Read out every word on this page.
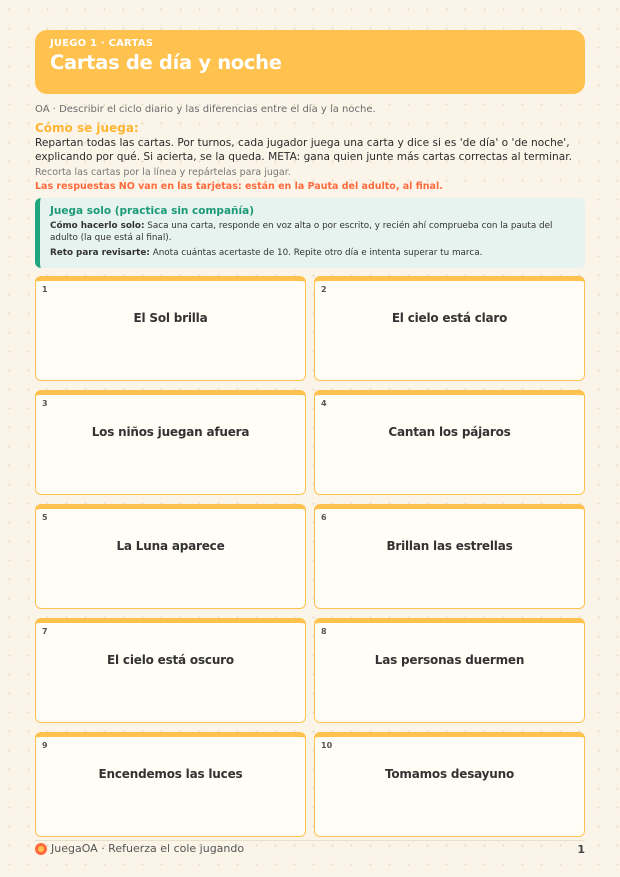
JUEGO 1 · CARTAS
Cartas de día y noche
OA · Describir el ciclo diario y las diferencias entre el día y la noche.
Cómo se juega:
Repartan todas las cartas. Por turnos, cada jugador juega una carta y dice si es 'de día' o 'de noche', explicando por qué. Si acierta, se la queda. META: gana quien junte más cartas correctas al terminar.
Recorta las cartas por la línea y repártelas para jugar.
Las respuestas NO van en las tarjetas: están en la Pauta del adulto, al final.
Juega solo (practica sin compañía)
Cómo hacerlo solo: Saca una carta, responde en voz alta o por escrito, y recién ahí comprueba con la pauta del adulto (la que está al final).
Reto para revisarte: Anota cuántas acertaste de 10. Repite otro día e intenta superar tu marca.
1
El Sol brilla
2
El cielo está claro
3
Los niños juegan afuera
4
Cantan los pájaros
5
La Luna aparece
6
Brillan las estrellas
7
El cielo está oscuro
8
Las personas duermen
9
Encendemos las luces
10
Tomamos desayuno
JuegaOA · Refuerza el cole jugando	1
